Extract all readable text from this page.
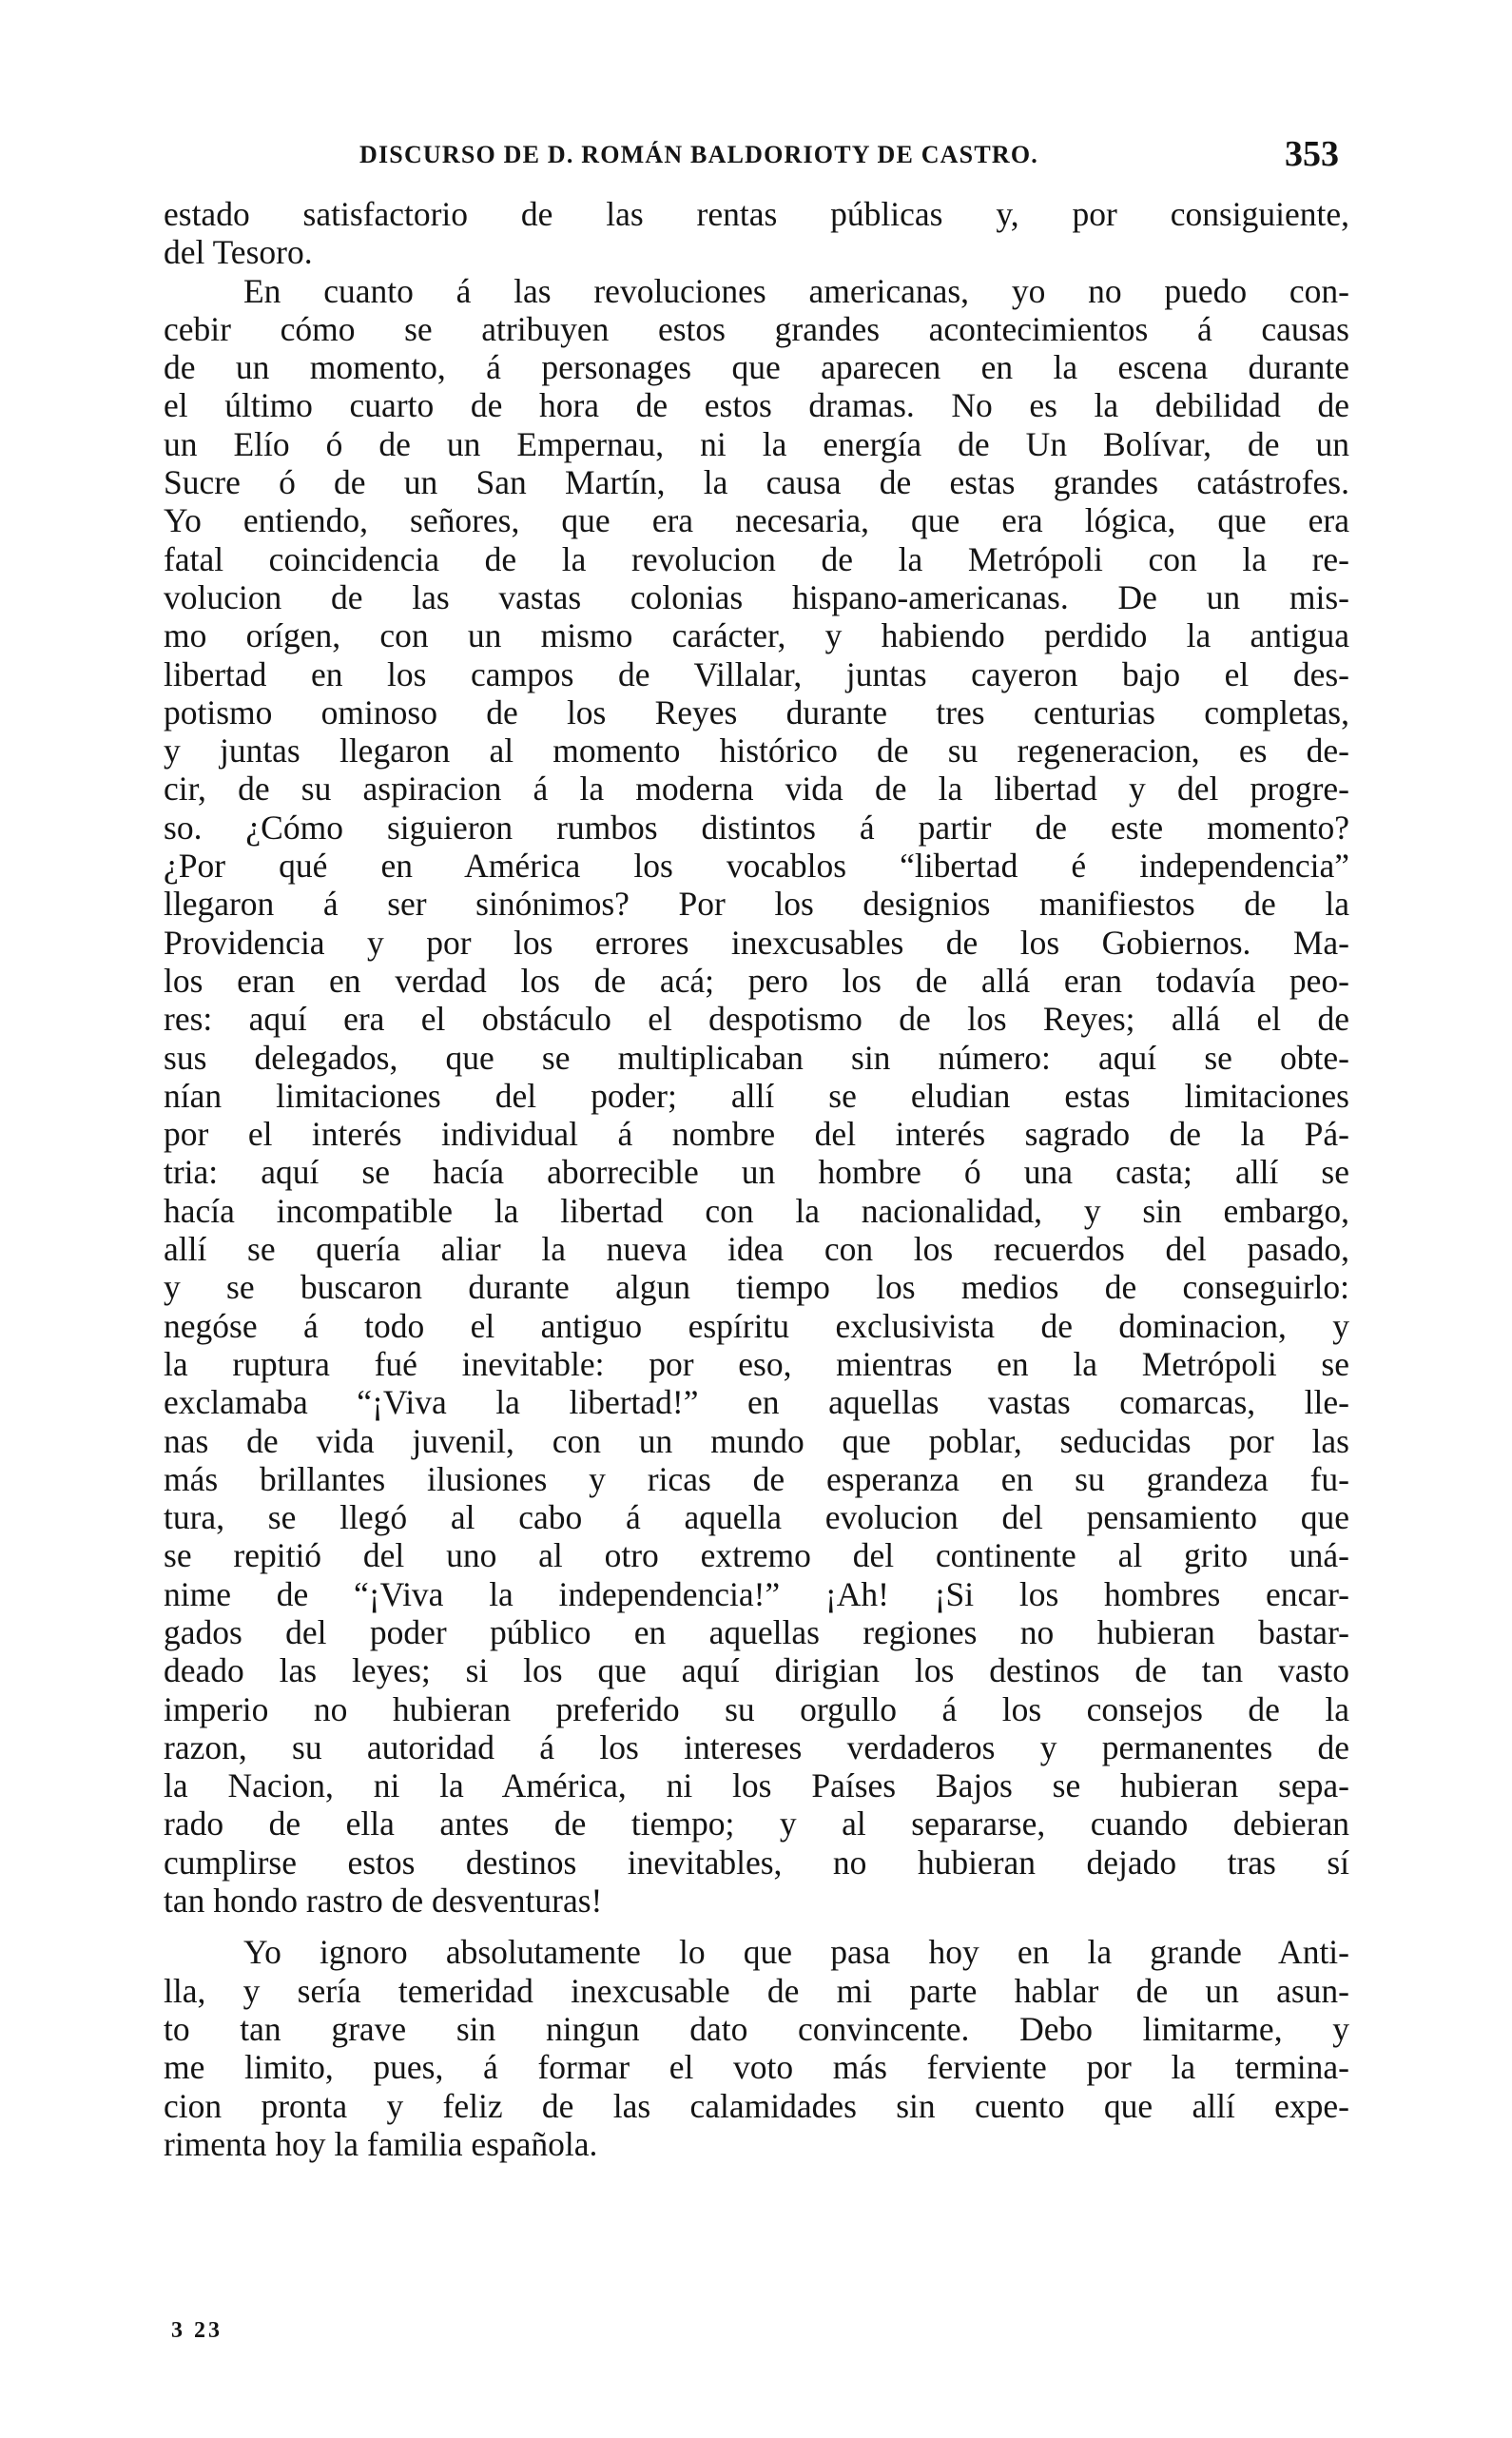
DISCURSO DE D. ROMÁN BALDORIOTY DE CASTRO.	353
estado satisfactorio de las rentas públicas y, por consiguiente,
del Tesoro.
En cuanto á las revoluciones americanas, yo no puedo con-
cebir cómo se atribuyen estos grandes acontecimientos á causas
de un momento, á personages que aparecen en la escena durante
el último cuarto de hora de estos dramas. No es la debilidad de
un Elío ó de un Empernau, ni la energía de Un Bolívar, de un
Sucre ó de un San Martín, la causa de estas grandes catástrofes.
Yo entiendo, señores, que era necesaria, que era lógica, que era
fatal coincidencia de la revolucion de la Metrópoli con la re-
volucion de las vastas colonias hispano-americanas. De un mis-
mo orígen, con un mismo carácter, y habiendo perdido la antigua
libertad en los campos de Villalar, juntas cayeron bajo el des-
potismo ominoso de los Reyes durante tres centurias completas,
y juntas llegaron al momento histórico de su regeneracion, es de-
cir, de su aspiracion á la moderna vida de la libertad y del progre-
so. ¿Cómo siguieron rumbos distintos á partir de este momento?
¿Por qué en América los vocablos “libertad é independencia”
llegaron á ser sinónimos? Por los designios manifiestos de la
Providencia y por los errores inexcusables de los Gobiernos. Ma-
los eran en verdad los de acá; pero los de allá eran todavía peo-
res: aquí era el obstáculo el despotismo de los Reyes; allá el de
sus delegados, que se multiplicaban sin número: aquí se obte-
nían limitaciones del poder; allí se eludian estas limitaciones
por el interés individual á nombre del interés sagrado de la Pá-
tria: aquí se hacía aborrecible un hombre ó una casta; allí se
hacía incompatible la libertad con la nacionalidad, y sin embargo,
allí se quería aliar la nueva idea con los recuerdos del pasado,
y se buscaron durante algun tiempo los medios de conseguirlo:
negóse á todo el antiguo espíritu exclusivista de dominacion, y
la ruptura fué inevitable: por eso, mientras en la Metrópoli se
exclamaba “¡Viva la libertad!” en aquellas vastas comarcas, lle-
nas de vida juvenil, con un mundo que poblar, seducidas por las
más brillantes ilusiones y ricas de esperanza en su grandeza fu-
tura, se llegó al cabo á aquella evolucion del pensamiento que
se repitió del uno al otro extremo del continente al grito uná-
nime de “¡Viva la independencia!” ¡Ah! ¡Si los hombres encar-
gados del poder público en aquellas regiones no hubieran bastar-
deado las leyes; si los que aquí dirigian los destinos de tan vasto
imperio no hubieran preferido su orgullo á los consejos de la
razon, su autoridad á los intereses verdaderos y permanentes de
la Nacion, ni la América, ni los Países Bajos se hubieran sepa-
rado de ella antes de tiempo; y al separarse, cuando debieran
cumplirse estos destinos inevitables, no hubieran dejado tras sí
tan hondo rastro de desventuras!
Yo ignoro absolutamente lo que pasa hoy en la grande Anti-
lla, y sería temeridad inexcusable de mi parte hablar de un asun-
to tan grave sin ningun dato convincente. Debo limitarme, y
me limito, pues, á formar el voto más ferviente por la termina-
cion pronta y feliz de las calamidades sin cuento que allí expe-
rimenta hoy la familia española.
3 23
